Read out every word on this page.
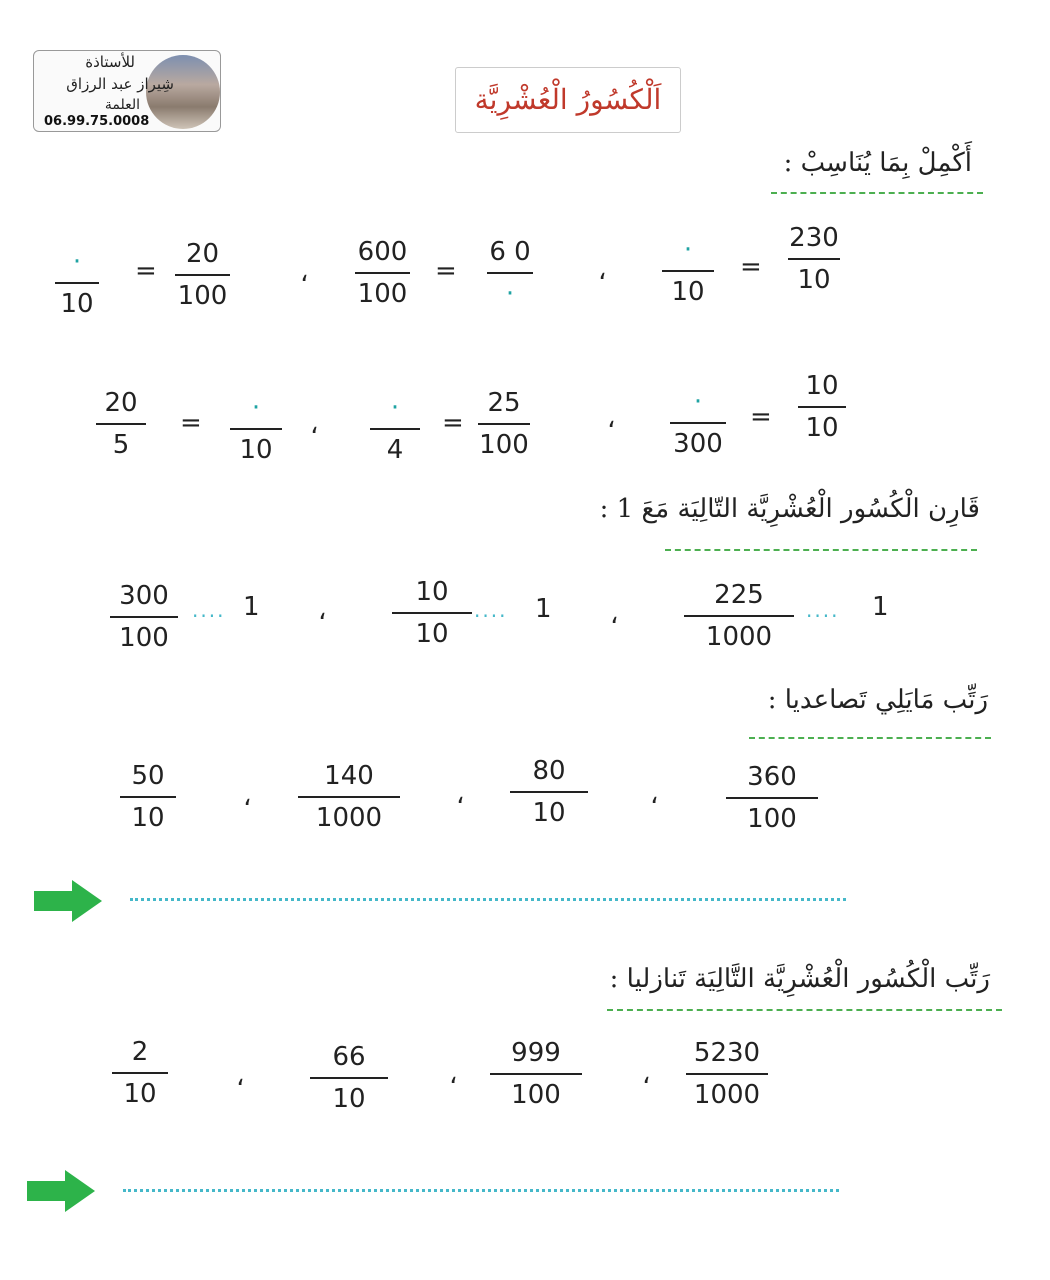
للأستاذة
شِيراز عبد الرزاق
العلمة
06.99.75.0008
اَلْكُسُورُ الْعُشْرِيَّة
أَكْمِلْ بِمَا يُنَاسِبْ :
·
10
=
20
100
،
600
100
=
6 0
·
،
·
10
=
230
10
20
5
=	·
10
،
·
4
=
25
100
،
·
300
=
10
10
قَارِن الْكُسُور الْعُشْرِيَّة التّالِيَة مَعَ 1 :
300
100
.... 1 ،
10
10
.... 1 ،
225
1000
.... 1
رَتِّب مَايَلِي تَصاعديا :
50
10
،
140
1000
،
80
10
،
360
100
رَتِّب الْكُسُور الْعُشْرِيَّة التَّالِيَة تَنازليا :
2
10
،
66
10
،
999
100
،
5230
1000
